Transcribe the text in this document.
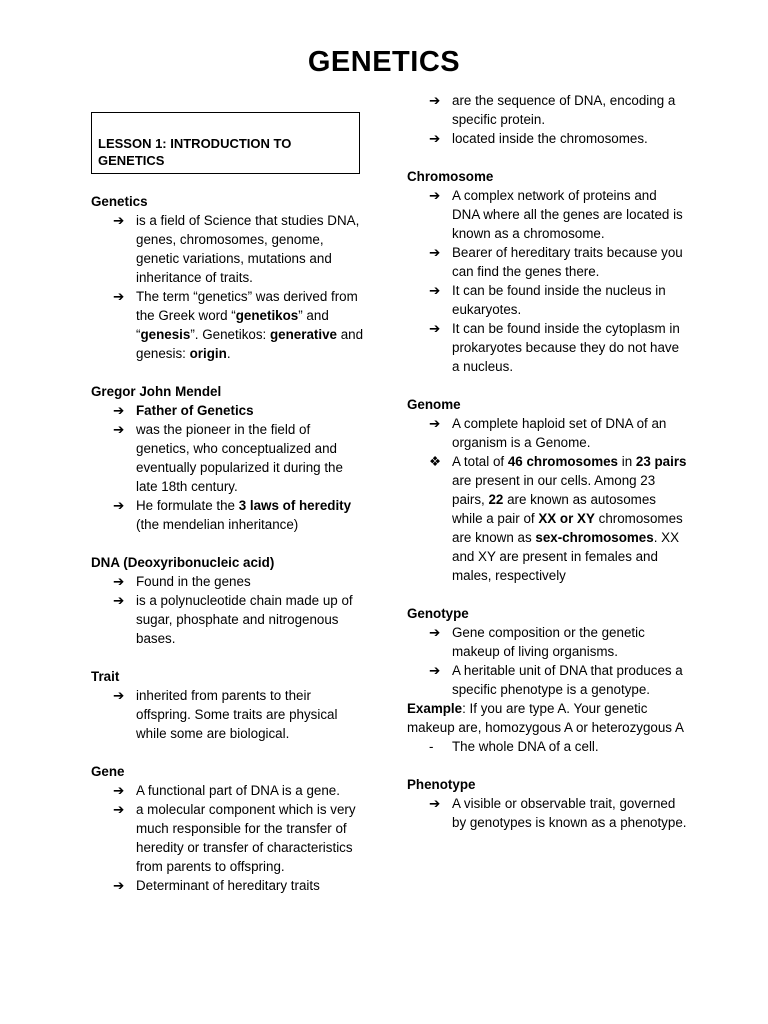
GENETICS
LESSON 1: INTRODUCTION TO
GENETICS
Genetics
➔ is a field of Science that studies DNA, genes, chromosomes, genome, genetic variations, mutations and inheritance of traits.
➔ The term “genetics” was derived from the Greek word “genetikos” and “genesis”. Genetikos: generative and genesis: origin.
Gregor John Mendel
➔ Father of Genetics
➔ was the pioneer in the field of genetics, who conceptualized and eventually popularized it during the late 18th century.
➔ He formulate the 3 laws of heredity (the mendelian inheritance)
DNA (Deoxyribonucleic acid)
➔ Found in the genes
➔ is a polynucleotide chain made up of sugar, phosphate and nitrogenous bases.
Trait
➔ inherited from parents to their offspring. Some traits are physical while some are biological.
Gene
➔ A functional part of DNA is a gene.
➔ a molecular component which is very much responsible for the transfer of heredity or transfer of characteristics from parents to offspring.
➔ Determinant of hereditary traits
➔ are the sequence of DNA, encoding a specific protein.
➔ located inside the chromosomes.
Chromosome
➔ A complex network of proteins and DNA where all the genes are located is known as a chromosome.
➔ Bearer of hereditary traits because you can find the genes there.
➔ It can be found inside the nucleus in eukaryotes.
➔ It can be found inside the cytoplasm in prokaryotes because they do not have a nucleus.
Genome
➔ A complete haploid set of DNA of an organism is a Genome.
❖ A total of 46 chromosomes in 23 pairs are present in our cells. Among 23 pairs, 22 are known as autosomes while a pair of XX or XY chromosomes are known as sex-chromosomes. XX and XY are present in females and males, respectively
Genotype
➔ Gene composition or the genetic makeup of living organisms.
➔ A heritable unit of DNA that produces a specific phenotype is a genotype.

Example: If you are type A. Your genetic makeup are, homozygous A or heterozygous A

- The whole DNA of a cell.
Phenotype
➔ A visible or observable trait, governed by genotypes is known as a phenotype.
